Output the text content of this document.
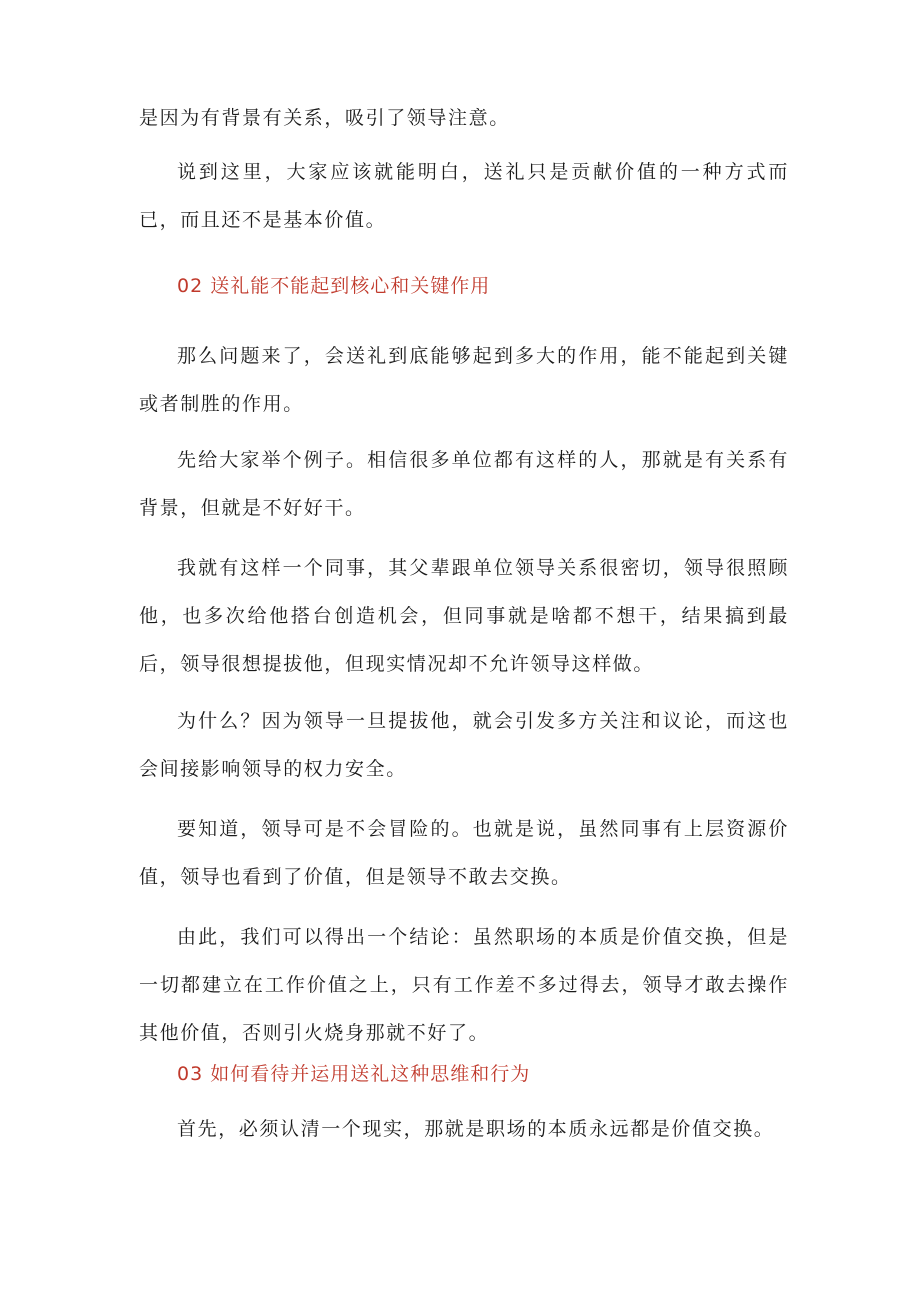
是因为有背景有关系，吸引了领导注意。

说到这里，大家应该就能明白，送礼只是贡献价值的一种方式而已，而且还不是基本价值。

02 送礼能不能起到核心和关键作用

那么问题来了，会送礼到底能够起到多大的作用，能不能起到关键或者制胜的作用。

先给大家举个例子。相信很多单位都有这样的人，那就是有关系有背景，但就是不好好干。

我就有这样一个同事，其父辈跟单位领导关系很密切，领导很照顾他，也多次给他搭台创造机会，但同事就是啥都不想干，结果搞到最后，领导很想提拔他，但现实情况却不允许领导这样做。

为什么？因为领导一旦提拔他，就会引发多方关注和议论，而这也会间接影响领导的权力安全。

要知道，领导可是不会冒险的。也就是说，虽然同事有上层资源价值，领导也看到了价值，但是领导不敢去交换。

由此，我们可以得出一个结论：虽然职场的本质是价值交换，但是一切都建立在工作价值之上，只有工作差不多过得去，领导才敢去操作其他价值，否则引火烧身那就不好了。

03 如何看待并运用送礼这种思维和行为

首先，必须认清一个现实，那就是职场的本质永远都是价值交换。
